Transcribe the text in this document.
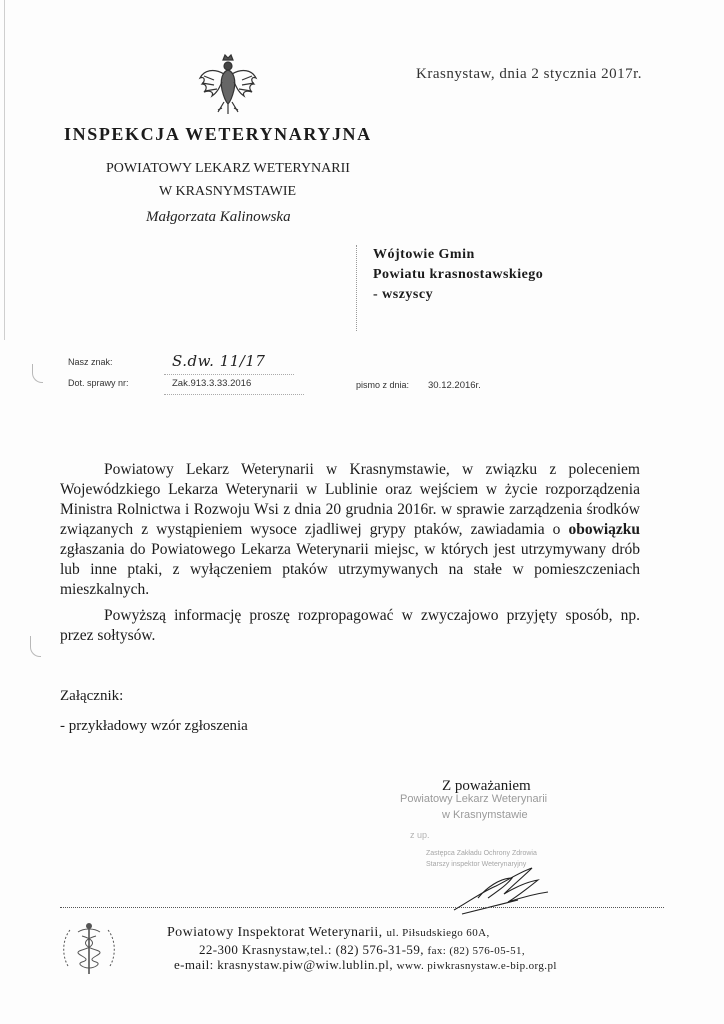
Krasnystaw, dnia 2 stycznia 2017r.
INSPEKCJA WETERYNARYJNA
POWIATOWY LEKARZ WETERYNARII
W KRASNYMSTAWIE
Małgorzata Kalinowska
Wójtowie Gmin
Powiatu krasnostawskiego
- wszyscy
Nasz znak:	S.dw. 11/17
Dot. sprawy nr:	Zak.913.3.33.2016	pismo z dnia: 30.12.2016r.
Powiatowy Lekarz Weterynarii w Krasnymstawie, w związku z poleceniem Wojewódzkiego Lekarza Weterynarii w Lublinie oraz wejściem w życie rozporządzenia Ministra Rolnictwa i Rozwoju Wsi z dnia 20 grudnia 2016r. w sprawie zarządzenia środków związanych z wystąpieniem wysoce zjadliwej grypy ptaków, zawiadamia o obowiązku zgłaszania do Powiatowego Lekarza Weterynarii miejsc, w których jest utrzymywany drób lub inne ptaki, z wyłączeniem ptaków utrzymywanych na stałe w pomieszczeniach mieszkalnych.
Powyższą informację proszę rozpropagować w zwyczajowo przyjęty sposób, np. przez sołtysów.
Załącznik:
- przykładowy wzór zgłoszenia
Z poważaniem
Powiatowy Lekarz Weterynarii
w Krasnymstawie
z up.
Zastępca Zakładu Ochrony Zdrowia
Starszy inspektor Weterynaryjny
Powiatowy Inspektorat Weterynarii, ul. Piłsudskiego 60A,
22-300 Krasnystaw,tel.: (82) 576-31-59, fax: (82) 576-05-51,
e-mail: krasnystaw.piw@wiw.lublin.pl, www. piwkrasnystaw.e-bip.org.pl
